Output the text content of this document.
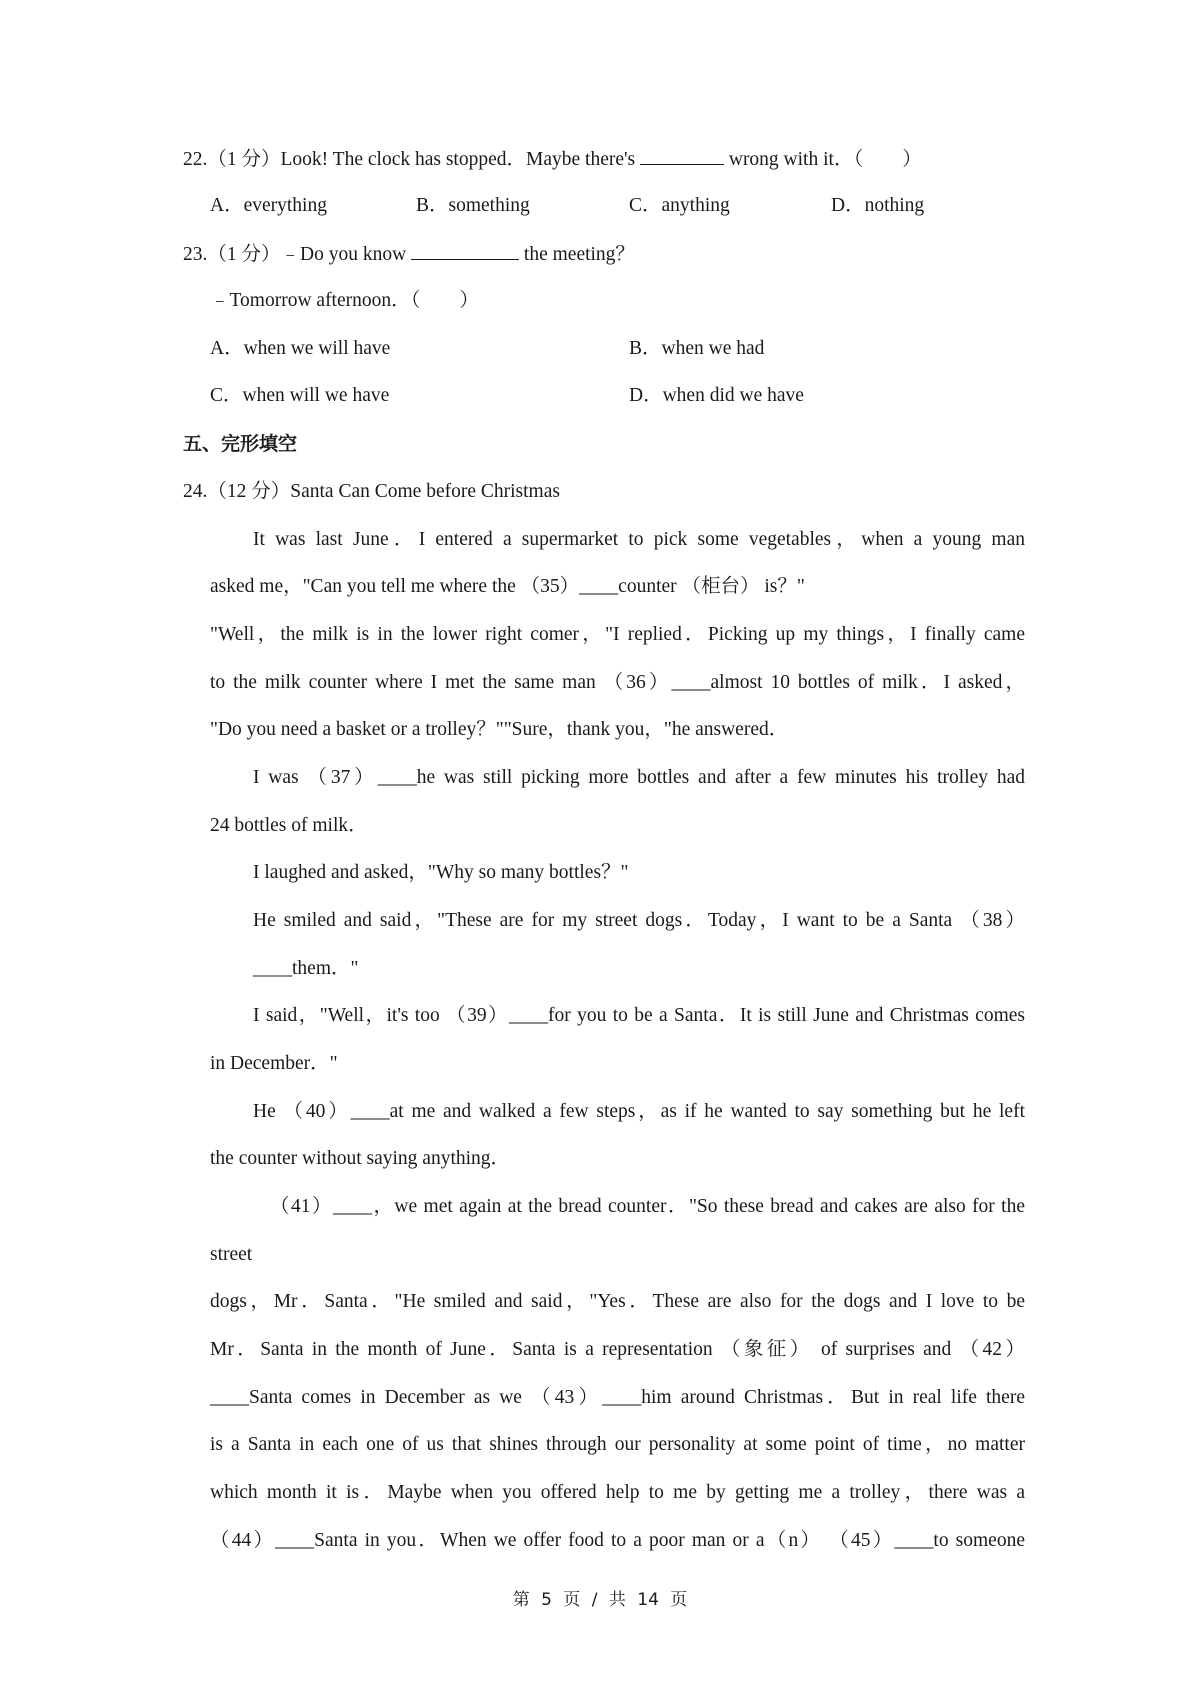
22.（1 分）Look! The clock has stopped．Maybe there's	wrong with it．（　　）
A．everything	B．something	C．anything	D．nothing
23.（1 分）﹣Do you know	the meeting？
﹣Tomorrow afternoon．（　　）
A．when we will have	B．when we had
C．when will we have	D．when did we have
五、完形填空
24.（12 分）Santa Can Come before Christmas
It was last June．I entered a supermarket to pick some vegetables，when a young man
asked me，"Can you tell me where the （35）____counter （柜台） is？"
"Well，the milk is in the lower right comer，"I replied．Picking up my things，I finally came
to the milk counter where I met the same man （36）____almost 10 bottles of milk．I asked，
"Do you need a basket or a trolley？""Sure，thank you，"he answered．
I was （37）____he was still picking more bottles and after a few minutes his trolley had
24 bottles of milk．
I laughed and asked，"Why so many bottles？"
He smiled and said，"These are for my street dogs．Today，I want to be a Santa （38）
____them．"
I said，"Well，it's too （39）____for you to be a Santa．It is still June and Christmas comes
in December．"
He （40）____at me and walked a few steps，as if he wanted to say something but he left
the counter without saying anything．
（41）____，we met again at the bread counter．"So these bread and cakes are also for the
street
dogs，Mr．Santa．"He smiled and said，"Yes．These are also for the dogs and I love to be
Mr．Santa in the month of June．Santa is a representation （象征） of surprises and （42）
____Santa comes in December as we （43）____him around Christmas．But in real life there
is a Santa in each one of us that shines through our personality at some point of time，no matter
which month it is．Maybe when you offered help to me by getting me a trolley，there was a
（44）____Santa in you．When we offer food to a poor man or a（n） （45）____to someone
第 5 页 / 共 14 页
